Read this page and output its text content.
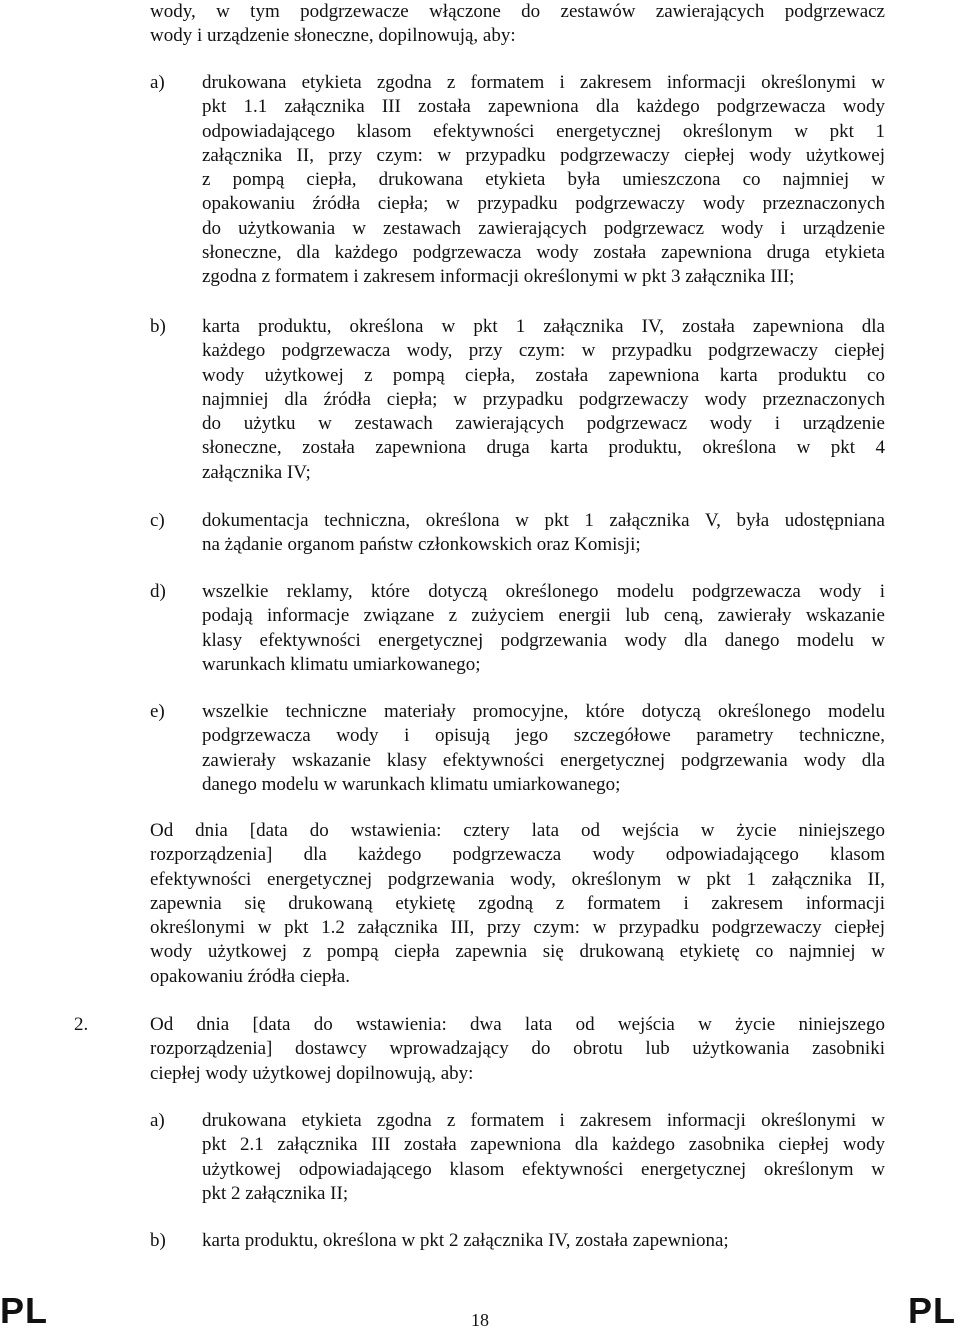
wody, w tym podgrzewacze włączone do zestawów zawierających podgrzewacz
wody i urządzenie słoneczne, dopilnowują, aby:
a) drukowana etykieta zgodna z formatem i zakresem informacji określonymi w
pkt 1.1 załącznika III została zapewniona dla każdego podgrzewacza wody
odpowiadającego klasom efektywności energetycznej określonym w pkt 1
załącznika II, przy czym: w przypadku podgrzewaczy ciepłej wody użytkowej
z pompą ciepła, drukowana etykieta była umieszczona co najmniej w
opakowaniu źródła ciepła; w przypadku podgrzewaczy wody przeznaczonych
do użytkowania w zestawach zawierających podgrzewacz wody i urządzenie
słoneczne, dla każdego podgrzewacza wody została zapewniona druga etykieta
zgodna z formatem i zakresem informacji określonymi w pkt 3 załącznika III;
b) karta produktu, określona w pkt 1 załącznika IV, została zapewniona dla
każdego podgrzewacza wody, przy czym: w przypadku podgrzewaczy ciepłej
wody użytkowej z pompą ciepła, została zapewniona karta produktu co
najmniej dla źródła ciepła; w przypadku podgrzewaczy wody przeznaczonych
do użytku w zestawach zawierających podgrzewacz wody i urządzenie
słoneczne, została zapewniona druga karta produktu, określona w pkt 4
załącznika IV;
c) dokumentacja techniczna, określona w pkt 1 załącznika V, była udostępniana
na żądanie organom państw członkowskich oraz Komisji;
d) wszelkie reklamy, które dotyczą określonego modelu podgrzewacza wody i
podają informacje związane z zużyciem energii lub ceną, zawierały wskazanie
klasy efektywności energetycznej podgrzewania wody dla danego modelu w
warunkach klimatu umiarkowanego;
e) wszelkie techniczne materiały promocyjne, które dotyczą określonego modelu
podgrzewacza wody i opisują jego szczegółowe parametry techniczne,
zawierały wskazanie klasy efektywności energetycznej podgrzewania wody dla
danego modelu w warunkach klimatu umiarkowanego;
Od dnia [data do wstawienia: cztery lata od wejścia w życie niniejszego
rozporządzenia] dla każdego podgrzewacza wody odpowiadającego klasom
efektywności energetycznej podgrzewania wody, określonym w pkt 1 załącznika II,
zapewnia się drukowaną etykietę zgodną z formatem i zakresem informacji
określonymi w pkt 1.2 załącznika III, przy czym: w przypadku podgrzewaczy ciepłej
wody użytkowej z pompą ciepła zapewnia się drukowaną etykietę co najmniej w
opakowaniu źródła ciepła.
2.	Od dnia [data do wstawienia: dwa lata od wejścia w życie niniejszego
rozporządzenia] dostawcy wprowadzający do obrotu lub użytkowania zasobniki
ciepłej wody użytkowej dopilnowują, aby:
a) drukowana etykieta zgodna z formatem i zakresem informacji określonymi w
pkt 2.1 załącznika III została zapewniona dla każdego zasobnika ciepłej wody
użytkowej odpowiadającego klasom efektywności energetycznej określonym w
pkt 2 załącznika II;
b) karta produktu, określona w pkt 2 załącznika IV, została zapewniona;
PL	PL
18
